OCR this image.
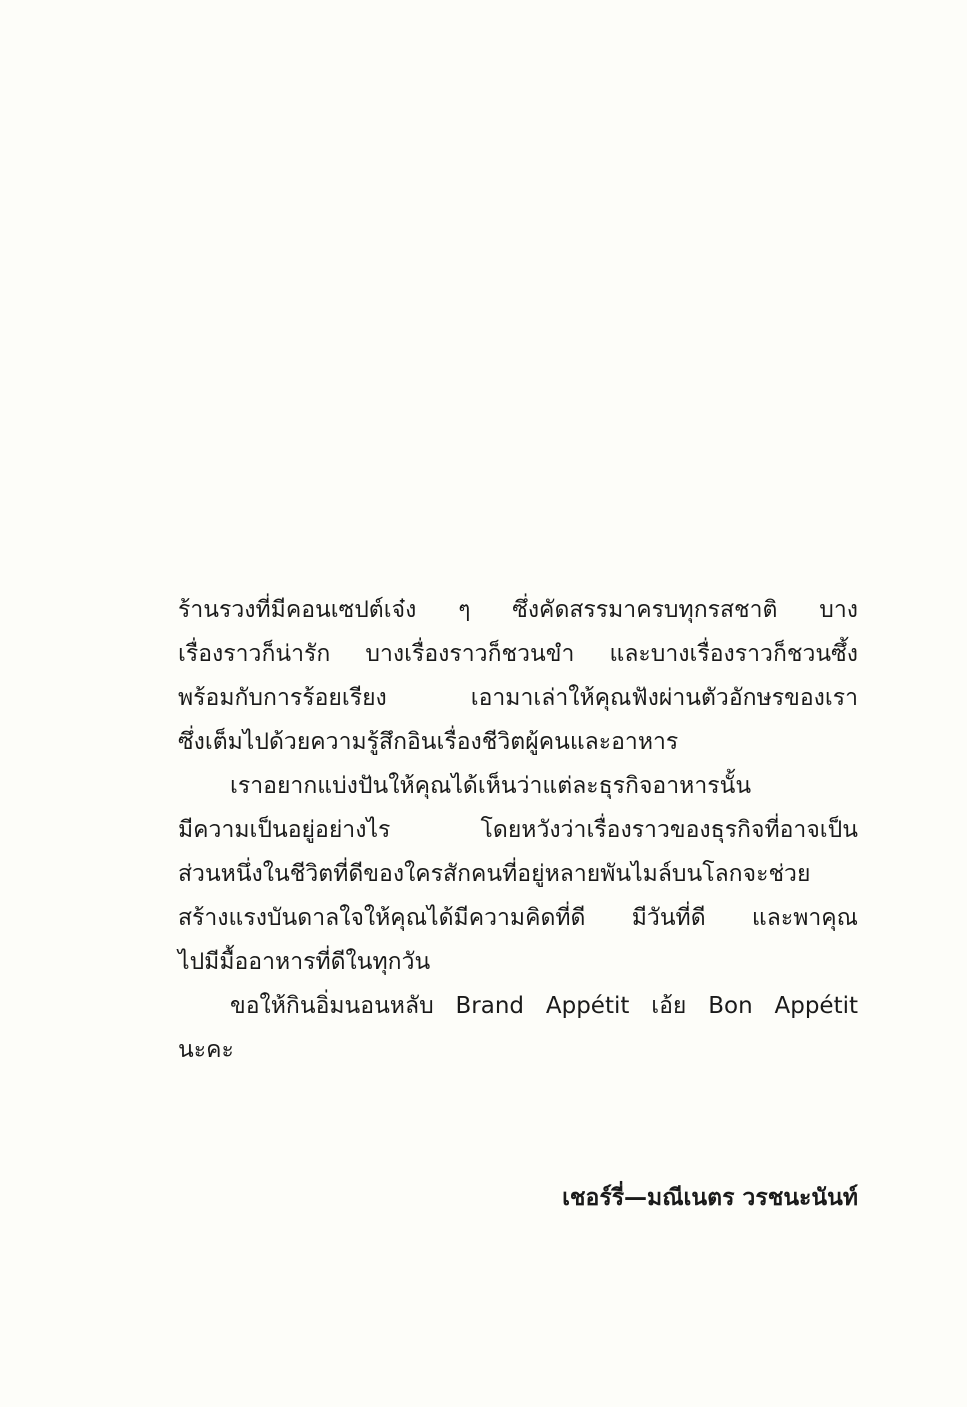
ร้านรวงที่มีคอนเซปต์เจ๋ง ๆ ซึ่งคัดสรรมาครบทุกรสชาติ บาง
เรื่องราวก็น่ารัก บางเรื่องราวก็ชวนขำ และบางเรื่องราวก็ชวนซึ้ง
พร้อมกับการร้อยเรียง เอามาเล่าให้คุณฟังผ่านตัวอักษรของเรา
ซึ่งเต็มไปด้วยความรู้สึกอินเรื่องชีวิตผู้คนและอาหาร
เราอยากแบ่งปันให้คุณได้เห็นว่าแต่ละธุรกิจอาหารนั้น
มีความเป็นอยู่อย่างไร โดยหวังว่าเรื่องราวของธุรกิจที่อาจเป็น
ส่วนหนึ่งในชีวิตที่ดีของใครสักคนที่อยู่หลายพันไมล์บนโลกจะช่วย
สร้างแรงบันดาลใจให้คุณได้มีความคิดที่ดี มีวันที่ดี และพาคุณ
ไปมีมื้ออาหารที่ดีในทุกวัน
ขอให้กินอิ่มนอนหลับ Brand Appétit เอ้ย Bon Appétit
นะคะ
เชอร์รี่—มณีเนตร วรชนะนันท์
